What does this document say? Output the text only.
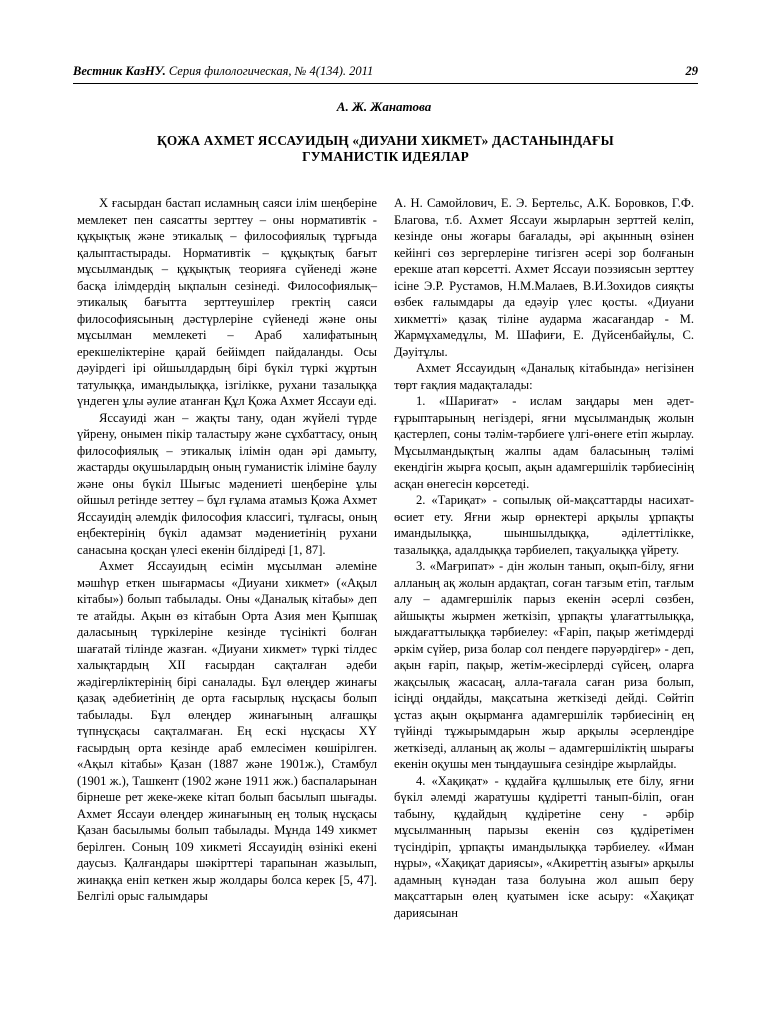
Вестник КазНУ. Серия филологическая, № 4(134). 2011	29
А. Ж. Жанатова
ҚОЖА АХМЕТ ЯССАУИДЫҢ «ДИУАНИ ХИКМЕТ» ДАСТАНЫНДАҒЫ
ГУМАНИСТІК ИДЕЯЛАР

Х ғасырдан бастап исламның саяси ілім шеңберіне мемлекет пен саясатты зерттеу – оны нормативтік - құқықтық және этикалық – философиялық тұрғыда қалыптастырады. Нормативтік – құқықтық бағыт мұсылмандық – құқықтық теорияға сүйенеді және басқа ілімдердің ықпалын сезінеді. Философиялық–этикалық бағытта зерттеушілер гректің саяси философиясының дәстүрлеріне сүйенеді және оны мұсылман мемлекеті – Араб халифатының ерекшеліктеріне қарай бейімдеп пайдаланды. Осы дәуірдегі ірі ойшылдардың бірі бүкіл түркі жұртын татулыққа, имандылыққа, ізгілікке, рухани тазалыққа үндеген ұлы әулие атанған Құл Қожа Ахмет Яссауи еді.

Яссауиді жан – жақты тану, одан жүйелі түрде үйрену, онымен пікір таластыру және сұхбаттасу, оның философиялық – этикалық ілімін одан әрі дамыту, жастарды оқушылардың оның гуманистік іліміне баулу және оны бүкіл Шығыс мәдениеті шеңберіне ұлы ойшыл ретінде зеттеу – бұл ғұлама атамыз Қожа Ахмет Яссауидің әлемдік философия классигі, тұлғасы, оның еңбектерінің бүкіл адамзат мәдениетінің рухани санасына қосқан үлесі екенін білдіреді [1, 87].

Ахмет Яссауидың есімін мұсылман әлеміне мәшһүр еткен шығармасы «Диуани хикмет» («Ақыл кітабы») болып табылады. Оны «Даналық кітабы» деп те атайды. Ақын өз кітабын Орта Азия мен Қыпшақ даласының түркілеріне кезінде түсінікті болған шағатай тілінде жазған. «Диуани хикмет» түркі тілдес халықтардың ХІІ ғасырдан сақталған әдеби жәдігерліктерінің бірі саналады. Бұл өлеңдер жинағы қазақ әдебиетінің де орта ғасырлық нұсқасы болып табылады. Бұл өлеңдер жинағының алғашқы түпнұсқасы сақталмаған. Ең ескі нұсқасы ХҮ ғасырдың орта кезінде араб емлесімен көшірілген. «Ақыл кітабы» Қазан (1887 және 1901ж.), Стамбул (1901 ж.), Ташкент (1902 және 1911 жж.) баспаларынан бірнеше рет жеке-жеке кітап болып басылып шығады. Ахмет Яссауи өлеңдер жинағының ең толық нұсқасы Қазан басылымы болып табылады. Мұнда 149 хикмет берілген. Соның 109 хикметі Яссауидің өзінікі екені даусыз. Қалғандары шәкірттері тарапынан жазылып, жинаққа еніп кеткен жыр жолдары болса керек [5, 47]. Белгілі орыс ғалымдары

А. Н. Самойлович, Е. Э. Бертельс, А.К. Боровков, Г.Ф. Благова, т.б. Ахмет Яссауи жырларын зерттей келіп, кезінде оны жоғары бағалады, әрі ақынның өзінен кейінгі сөз зергерлеріне тигізген әсері зор болғанын ерекше атап көрсетті. Ахмет Яссауи поэзиясын зерттеу ісіне Э.Р. Рустамов, Н.М.Малаев, В.И.Зохидов сияқты өзбек ғалымдары да едәуір үлес қосты. «Диуани хикметті» қазақ тіліне аударма жасағандар - М. Жармұхамедұлы, М. Шафиғи, Е. Дүйсенбайұлы, С. Дәуітұлы.

Ахмет Яссауидың «Даналық кітабында» негізінен төрт ғақлия мадақталады:

1. «Шариғат» - ислам заңдары мен әдет-ғұрыптарының негіздері, яғни мұсылмандық жолын қастерлеп, соны тәлім-тәрбиеге үлгі-өнеге етіп жырлау. Мұсылмандықтың жалпы адам баласының тәлімі екендігін жырға қосып, ақын адамгершілік тәрбиесінің асқан өнегесін көрсетеді.

2. «Тариқат» - сопылық ой-мақсаттарды насихат-өсиет ету. Яғни жыр өрнектері арқылы ұрпақты имандылыққа, шыншылдыққа, әділеттілікке, тазалыққа, адалдыққа тәрбиелеп, тақуалыққа үйрету.

3. «Мағрипат» - дін жолын танып, оқып-білу, яғни алланың ақ жолын ардақтап, соған тағзым етіп, тағлым алу – адамгершілік парыз екенін әсерлі сөзбен, айшықты жырмен жеткізіп, ұрпақты ұлағаттылыққа, ыждағаттылыққа тәрбиелеу: «Ғаріп, пақыр жетімдерді әркім сүйер, риза болар сол пендеге пәруәрдігер» - деп, ақын ғаріп, пақыр, жетім-жесірлерді сүйсең, оларға жақсылық жасасаң, алла-тағала саған риза болып, ісіңді оңдайды, мақсатына жеткізеді дейді. Сөйтіп ұстаз ақын оқырманға адамгершілік тәрбиесінің ең түйінді тұжырымдарын жыр арқылы әсерлендіре жеткізеді, алланың ақ жолы – адамгершіліктің шырағы екенін оқушы мен тыңдаушыға сезіндіре жырлайды.

4. «Хақиқат» - құдайға құлшылық ете білу, яғни бүкіл әлемді жаратушы құдіретті танып-біліп, оған табыну, құдайдың құдіретіне сену - әрбір мұсылманның парызы екенін сөз құдіретімен түсіндіріп, ұрпақты имандылыққа тәрбиелеу. «Иман нұры», «Хақиқат дариясы», «Акиреттің азығы» арқылы адамның күнәдан таза болуына жол ашып беру мақсаттарын өлең қуатымен іске асыру: «Хақиқат дариясынан
